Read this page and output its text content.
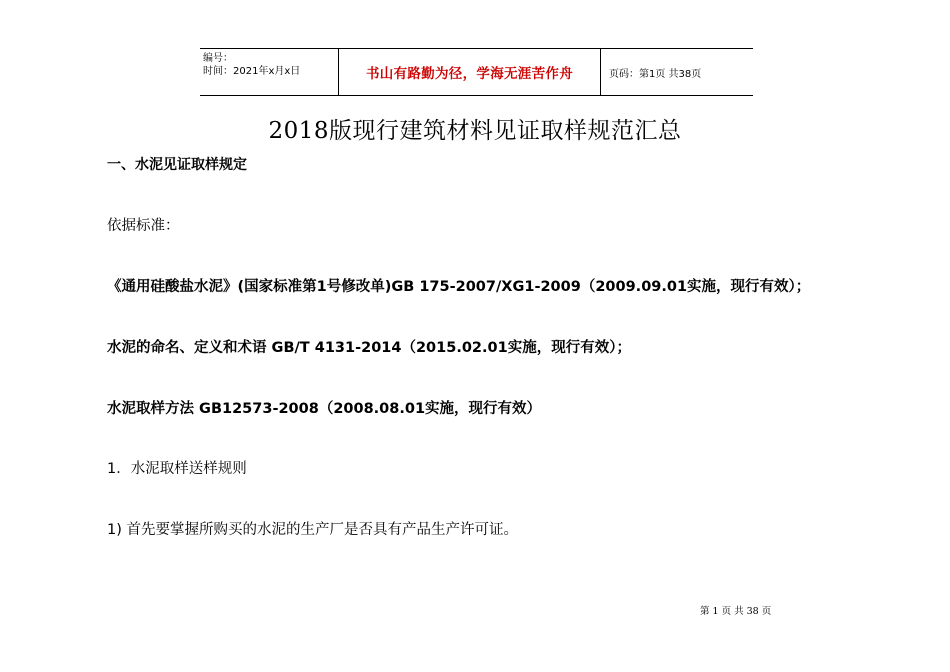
编号：
时间：2021年x月x日	书山有路勤为径，学海无涯苦作舟	页码：第1页 共38页
2018版现行建筑材料见证取样规范汇总
一、水泥见证取样规定
依据标准：
《通用硅酸盐水泥》(国家标准第1号修改单)GB 175-2007/XG1-2009（2009.09.01实施，现行有效）；
水泥的命名、定义和术语 GB/T 4131-2014（2015.02.01实施，现行有效）；
水泥取样方法 GB12573-2008（2008.08.01实施，现行有效）
1．水泥取样送样规则
1) 首先要掌握所购买的水泥的生产厂是否具有产品生产许可证。
第 1 页 共 38 页
